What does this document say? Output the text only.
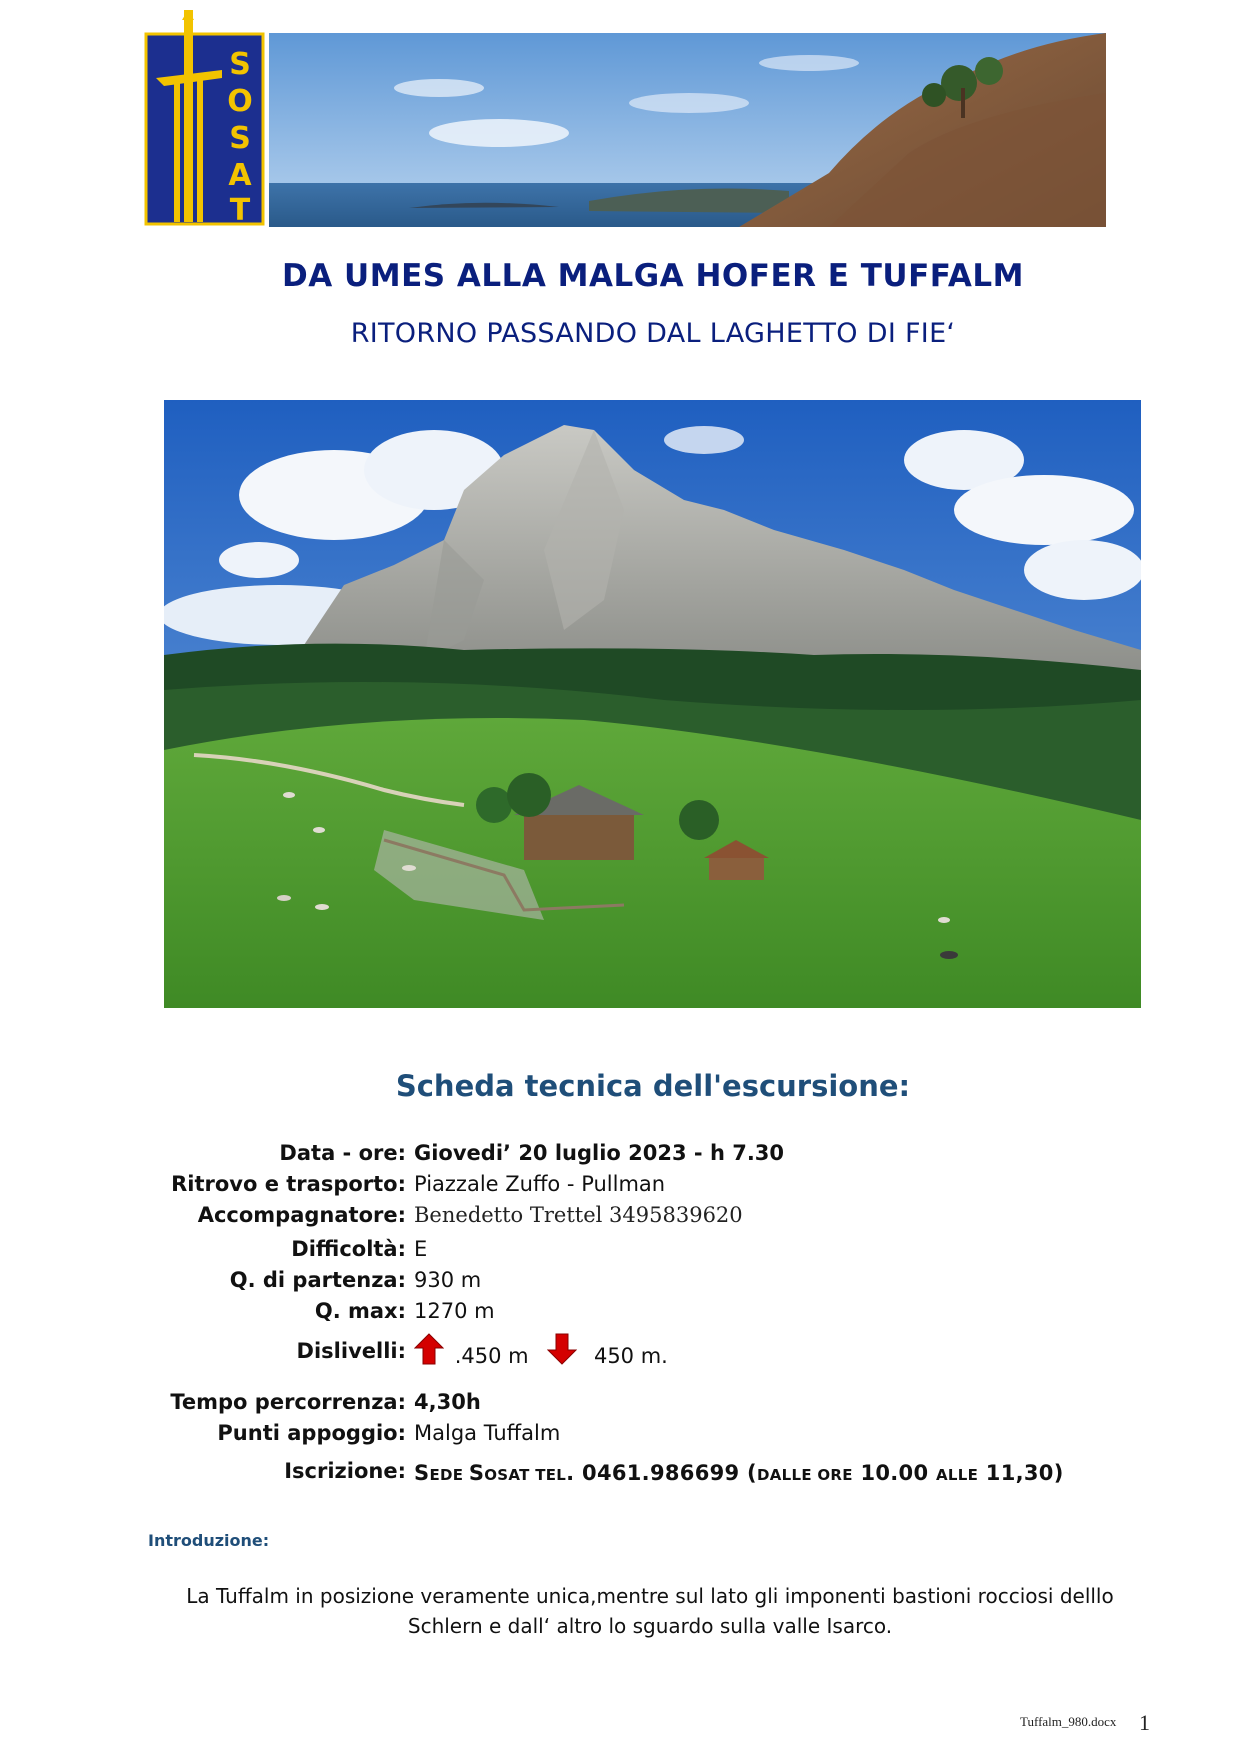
S
O
S
A
T
DA UMES ALLA MALGA HOFER E TUFFALM
RITORNO PASSANDO DAL LAGHETTO DI FIE‘
Scheda tecnica dell'escursione:
Data - ore: Giovedi’ 20 luglio 2023 - h 7.30
Ritrovo e trasporto: Piazzale Zuffo - Pullman
Accompagnatore: Benedetto Trettel 3495839620
Difficoltà: E
Q. di partenza: 930 m
Q. max: 1270 m
Dislivelli:	.450 m	450 m.
Tempo percorrenza: 4,30h
Punti appoggio: Malga Tuffalm
Iscrizione: SEDE SOSAT TEL. 0461.986699 (DALLE ORE 10.00 ALLE 11,30)
Introduzione:
La Tuffalm in posizione veramente unica,mentre sul lato gli imponenti bastioni rocciosi delllo
Schlern e dall‘ altro lo sguardo sulla valle Isarco.
Tuffalm_980.docx 1
